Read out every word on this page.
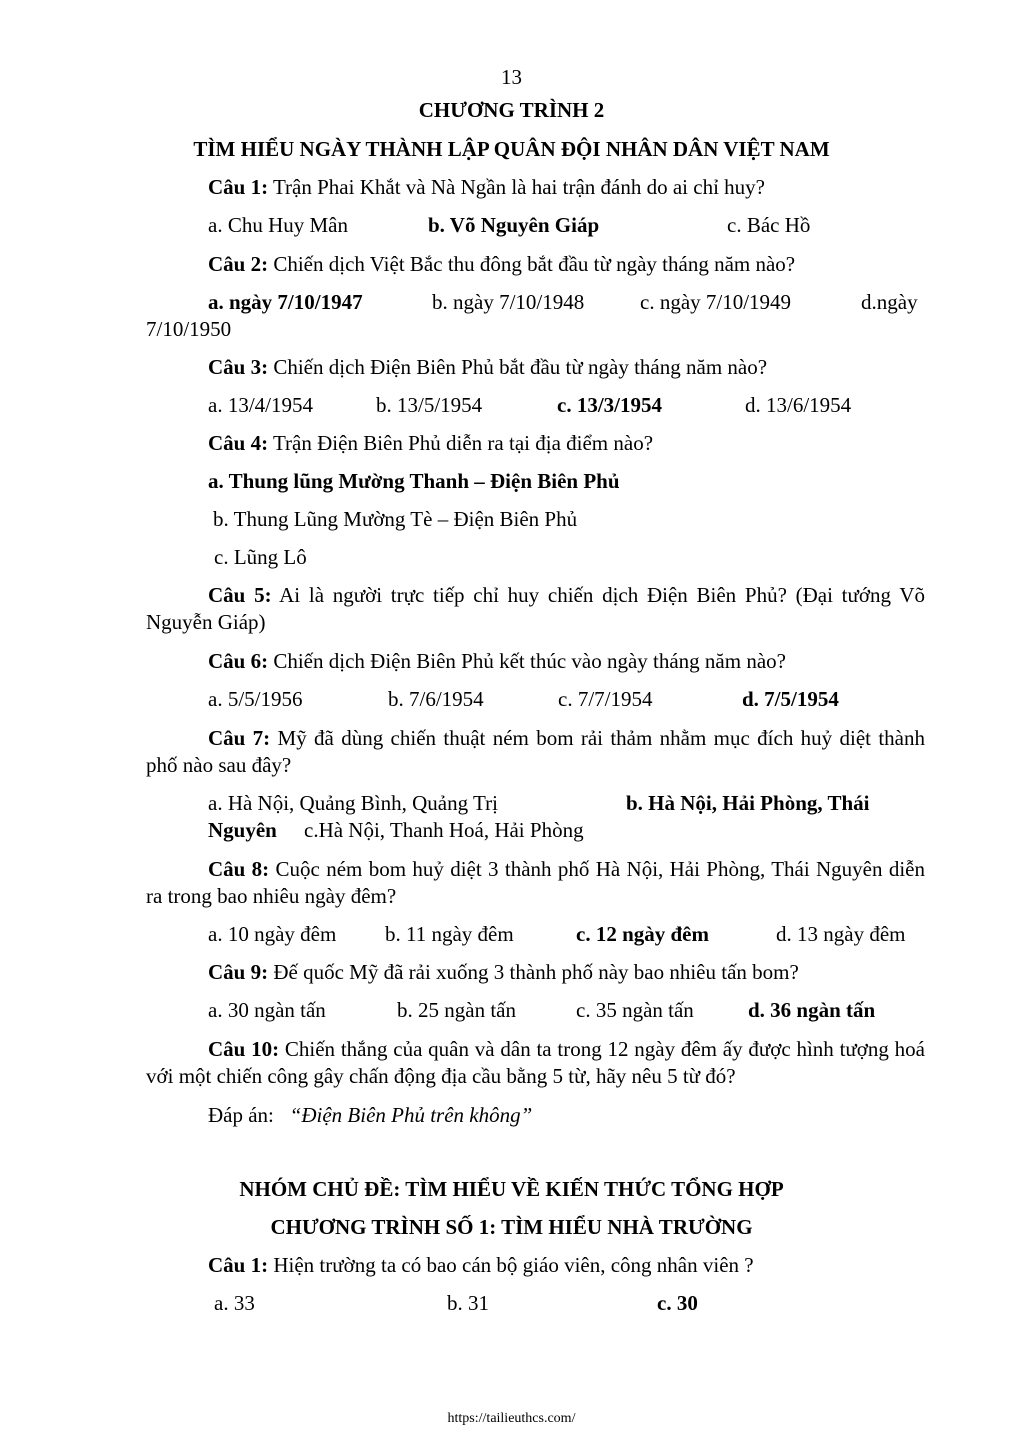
13
CHƯƠNG TRÌNH 2
TÌM HIỂU NGÀY THÀNH LẬP QUÂN ĐỘI NHÂN DÂN VIỆT NAM
Câu 1: Trận Phai Khắt và Nà Ngần là hai trận đánh do ai chỉ huy?
a. Chu Huy Mân	b. Võ Nguyên Giáp	c. Bác Hồ
Câu 2: Chiến dịch Việt Bắc thu đông bắt đầu từ ngày tháng năm nào?
a. ngày 7/10/1947	b. ngày 7/10/1948	c. ngày 7/10/1949	d.ngày
7/10/1950
Câu 3: Chiến dịch Điện Biên Phủ bắt đầu từ ngày tháng năm nào?
a. 13/4/1954	b. 13/5/1954	c. 13/3/1954	d. 13/6/1954
Câu 4: Trận Điện Biên Phủ diễn ra tại địa điểm nào?
a. Thung lũng Mường Thanh – Điện Biên Phủ
b. Thung Lũng Mường Tè – Điện Biên Phủ
c. Lũng Lô
Câu 5: Ai là người trực tiếp chỉ huy chiến dịch Điện Biên Phủ? (Đại tướng Võ Nguyễn Giáp)
Câu 6: Chiến dịch Điện Biên Phủ kết thúc vào ngày tháng năm nào?
a. 5/5/1956	b. 7/6/1954	c. 7/7/1954	d. 7/5/1954
Câu 7: Mỹ đã dùng chiến thuật ném bom rải thảm nhằm mục đích huỷ diệt thành phố nào sau đây?
a. Hà Nội, Quảng Bình, Quảng Trị	b. Hà Nội, Hải Phòng, Thái
Nguyên c.Hà Nội, Thanh Hoá, Hải Phòng
Câu 8: Cuộc ném bom huỷ diệt 3 thành phố Hà Nội, Hải Phòng, Thái Nguyên diễn ra trong bao nhiêu ngày đêm?
a. 10 ngày đêm b. 11 ngày đêm	c. 12 ngày đêm	d. 13 ngày đêm
Câu 9: Đế quốc Mỹ đã rải xuống 3 thành phố này bao nhiêu tấn bom?
a. 30 ngàn tấn	b. 25 ngàn tấn	c. 35 ngàn tấn	d. 36 ngàn tấn
Câu 10: Chiến thắng của quân và dân ta trong 12 ngày đêm ấy được hình tượng hoá với một chiến công gây chấn động địa cầu bằng 5 từ, hãy nêu 5 từ đó?
Đáp án: “Điện Biên Phủ trên không”
NHÓM CHỦ ĐỀ: TÌM HIỂU VỀ KIẾN THỨC TỔNG HỢP
CHƯƠNG TRÌNH SỐ 1: TÌM HIỂU NHÀ TRƯỜNG
Câu 1: Hiện trường ta có bao cán bộ giáo viên, công nhân viên ?
a. 33	b. 31	c. 30
https://tailieuthcs.com/
